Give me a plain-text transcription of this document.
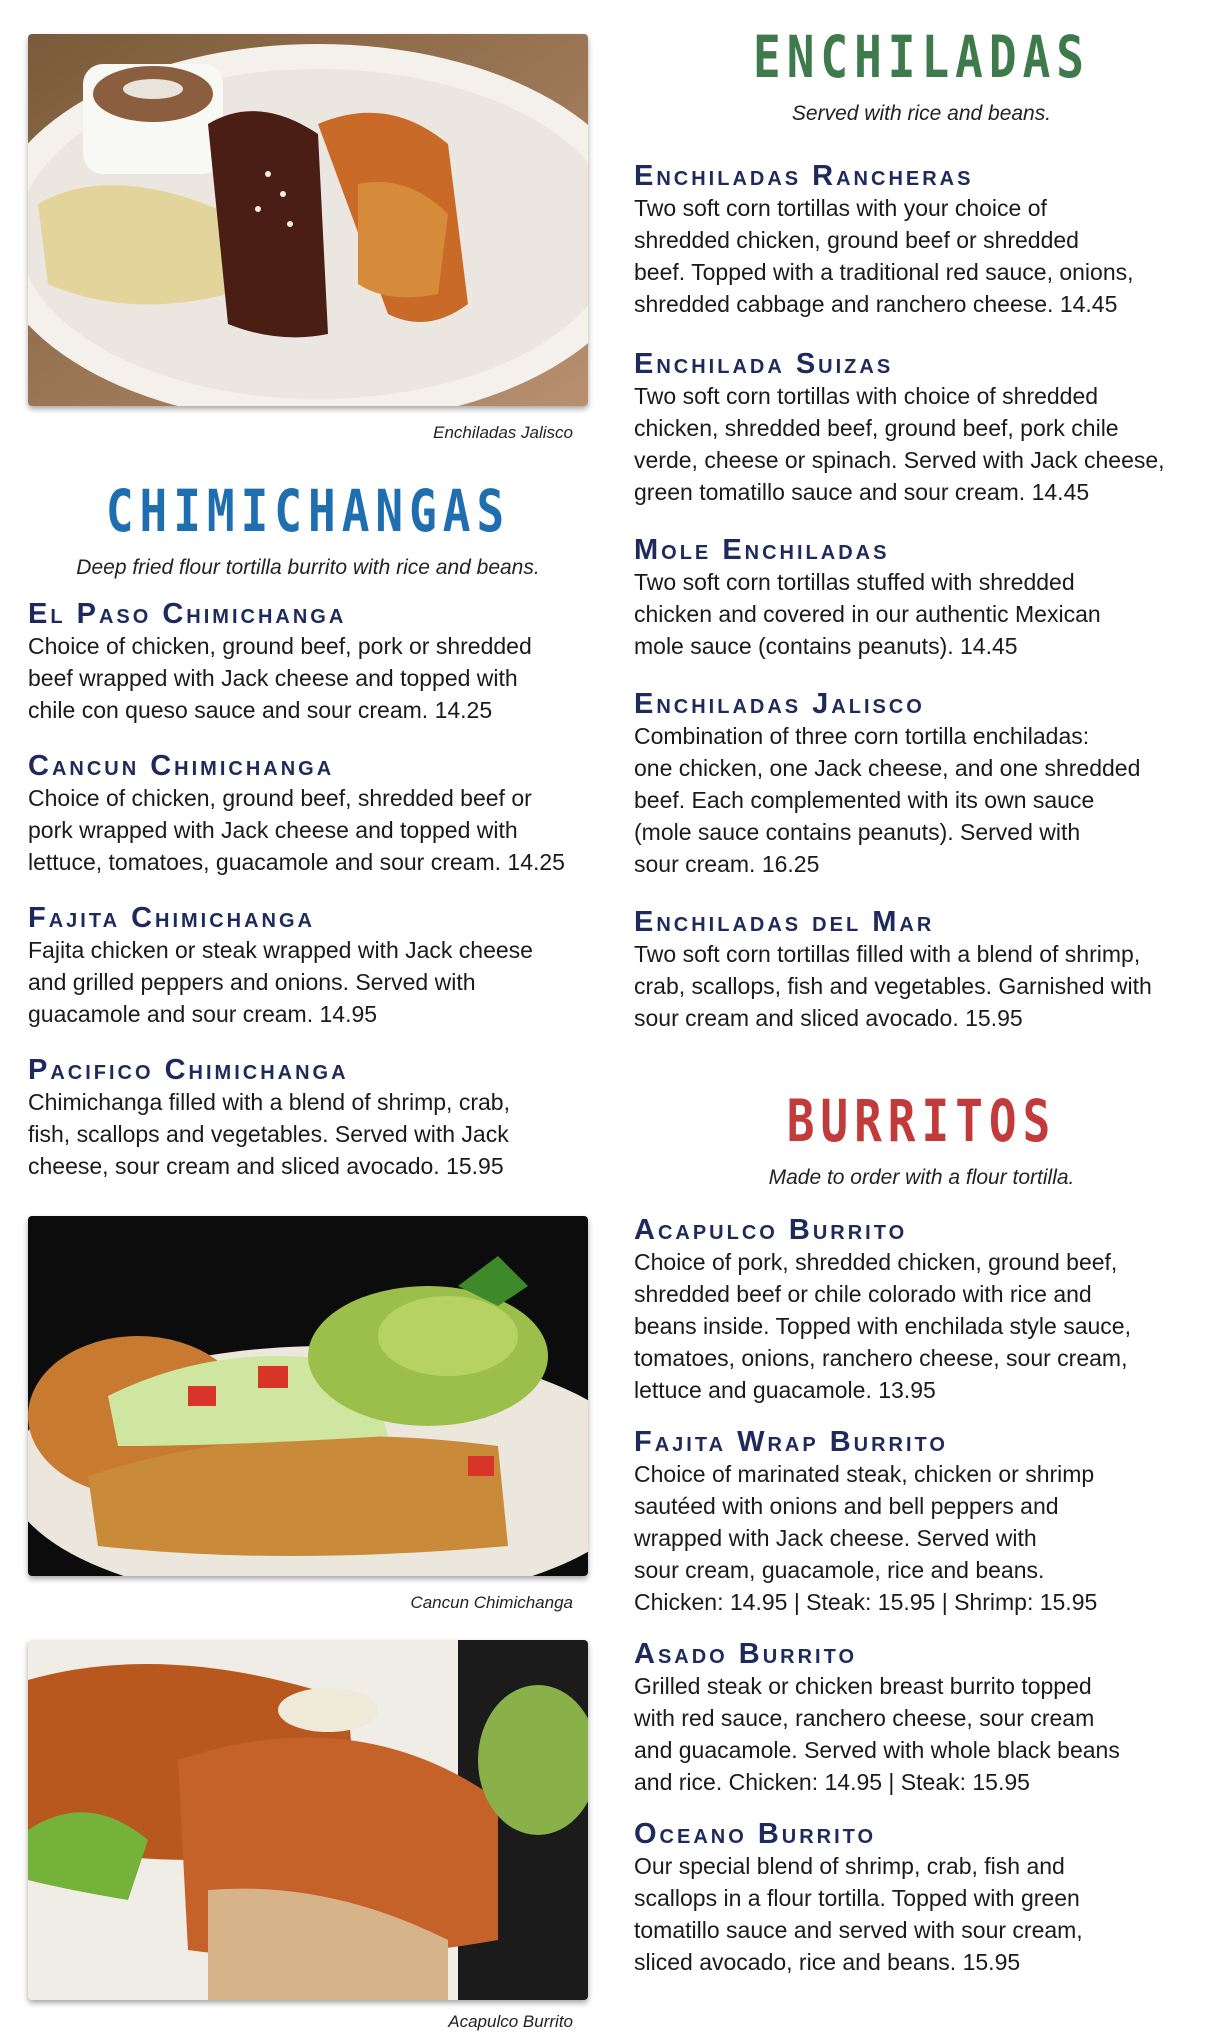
Enchiladas Jalisco
CHIMICHANGAS
Deep fried flour tortilla burrito with rice and beans.
El Paso Chimichanga
Choice of chicken, ground beef, pork or shredded
beef wrapped with Jack cheese and topped with
chile con queso sauce and sour cream. 14.25
Cancun Chimichanga
Choice of chicken, ground beef, shredded beef or
pork wrapped with Jack cheese and topped with
lettuce, tomatoes, guacamole and sour cream. 14.25
Fajita Chimichanga
Fajita chicken or steak wrapped with Jack cheese
and grilled peppers and onions. Served with
guacamole and sour cream. 14.95
Pacifico Chimichanga
Chimichanga filled with a blend of shrimp, crab,
fish, scallops and vegetables. Served with Jack
cheese, sour cream and sliced avocado. 15.95
Cancun Chimichanga
Acapulco Burrito
ENCHILADAS
Served with rice and beans.
Enchiladas Rancheras
Two soft corn tortillas with your choice of
shredded chicken, ground beef or shredded
beef. Topped with a traditional red sauce, onions,
shredded cabbage and ranchero cheese. 14.45
Enchilada Suizas
Two soft corn tortillas with choice of shredded
chicken, shredded beef, ground beef, pork chile
verde, cheese or spinach. Served with Jack cheese,
green tomatillo sauce and sour cream. 14.45
Mole Enchiladas
Two soft corn tortillas stuffed with shredded
chicken and covered in our authentic Mexican
mole sauce (contains peanuts). 14.45
Enchiladas Jalisco
Combination of three corn tortilla enchiladas:
one chicken, one Jack cheese, and one shredded
beef. Each complemented with its own sauce
(mole sauce contains peanuts). Served with
sour cream. 16.25
Enchiladas del Mar
Two soft corn tortillas filled with a blend of shrimp,
crab, scallops, fish and vegetables. Garnished with
sour cream and sliced avocado. 15.95
BURRITOS
Made to order with a flour tortilla.
Acapulco Burrito
Choice of pork, shredded chicken, ground beef,
shredded beef or chile colorado with rice and
beans inside. Topped with enchilada style sauce,
tomatoes, onions, ranchero cheese, sour cream,
lettuce and guacamole. 13.95
Fajita Wrap Burrito
Choice of marinated steak, chicken or shrimp
sautéed with onions and bell peppers and
wrapped with Jack cheese. Served with
sour cream, guacamole, rice and beans.
Chicken: 14.95 | Steak: 15.95 | Shrimp: 15.95
Asado Burrito
Grilled steak or chicken breast burrito topped
with red sauce, ranchero cheese, sour cream
and guacamole. Served with whole black beans
and rice. Chicken: 14.95 | Steak: 15.95
Oceano Burrito
Our special blend of shrimp, crab, fish and
scallops in a flour tortilla. Topped with green
tomatillo sauce and served with sour cream,
sliced avocado, rice and beans. 15.95
